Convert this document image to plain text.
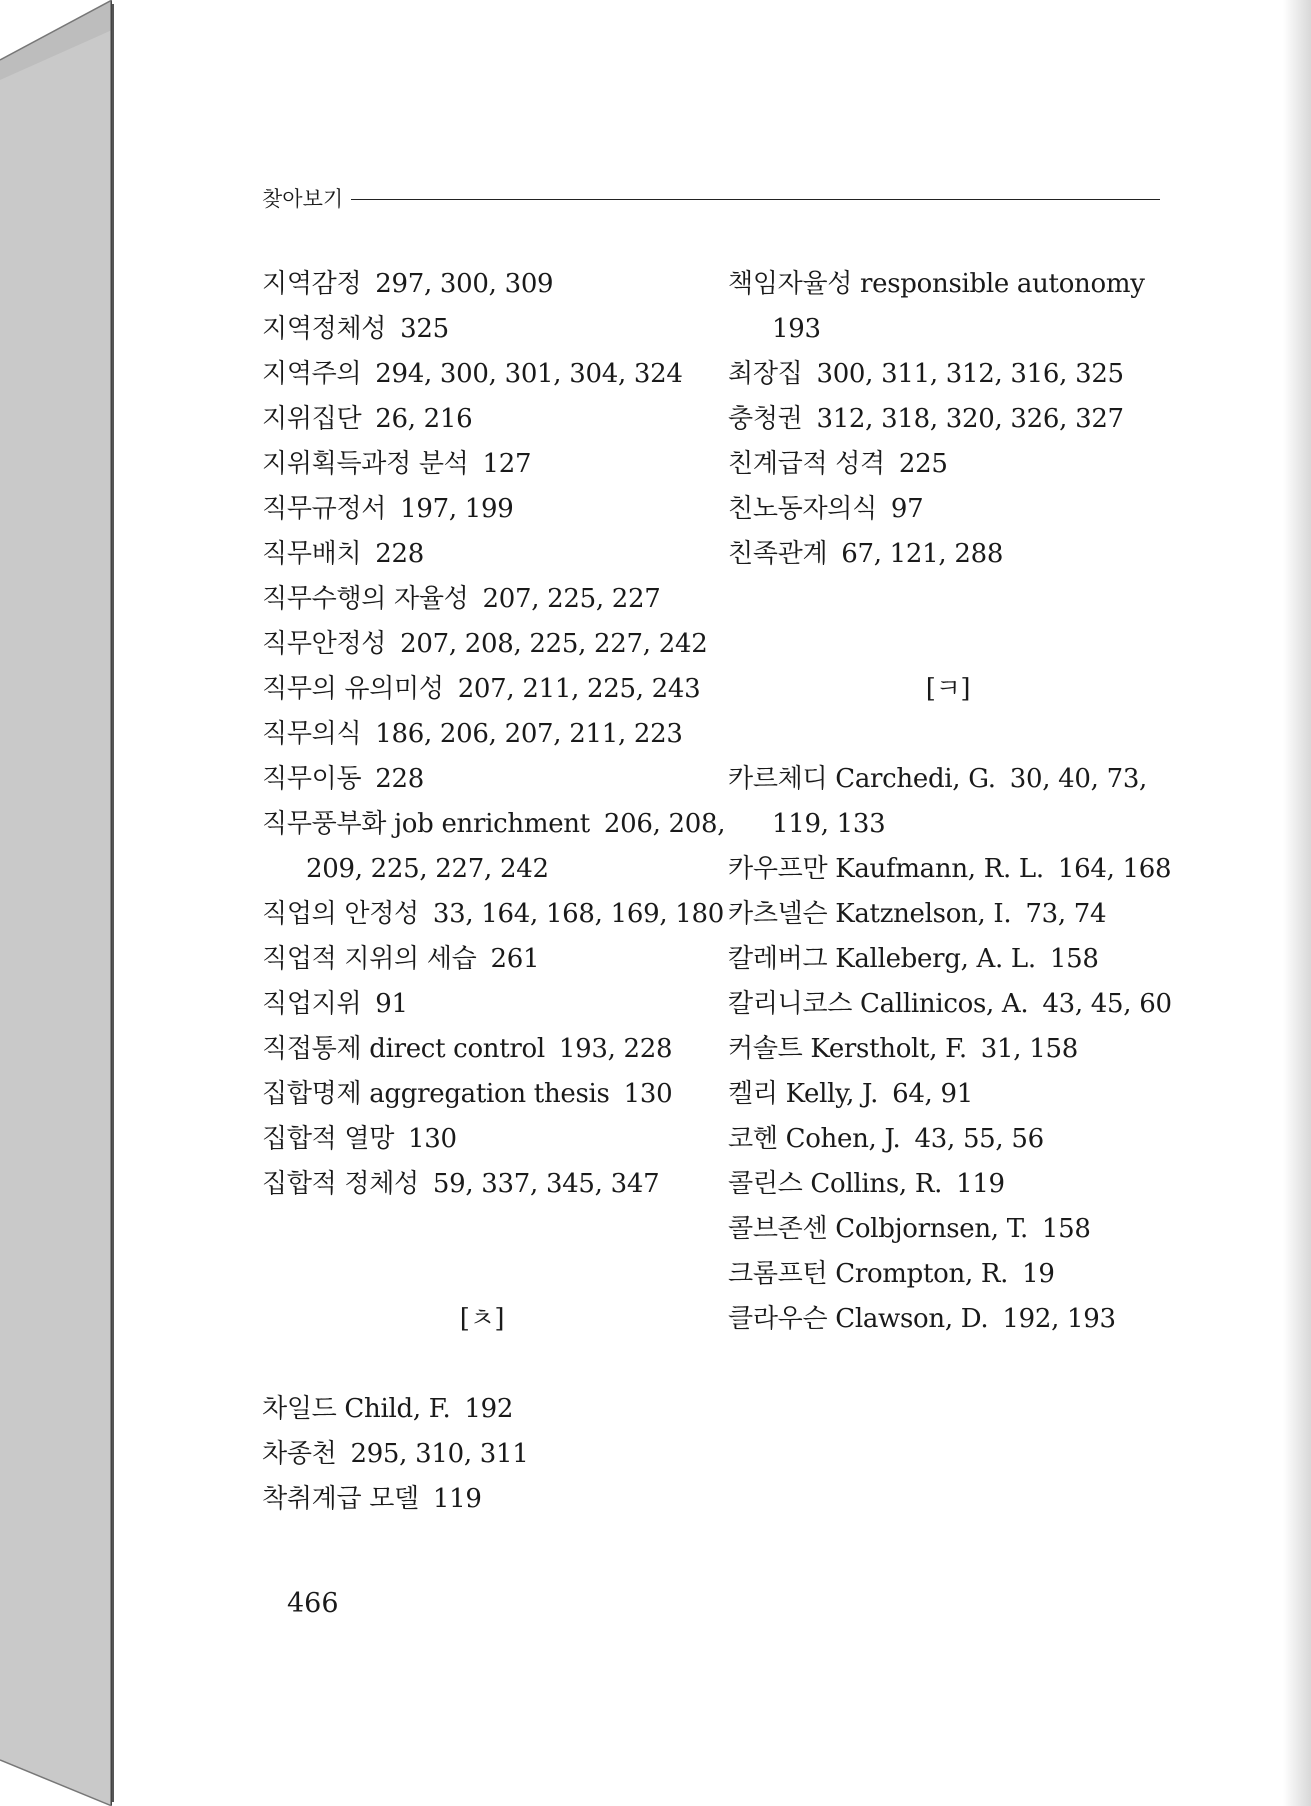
찾아보기
지역감정 297, 300, 309
지역정체성 325
지역주의 294, 300, 301, 304, 324
지위집단 26, 216
지위획득과정 분석 127
직무규정서 197, 199
직무배치 228
직무수행의 자율성 207, 225, 227
직무안정성 207, 208, 225, 227, 242
직무의 유의미성 207, 211, 225, 243
직무의식 186, 206, 207, 211, 223
직무이동 228
직무풍부화 job enrichment 206, 208,
209, 225, 227, 242
직업의 안정성 33, 164, 168, 169, 180
직업적 지위의 세습 261
직업지위 91
직접통제 direct control 193, 228
집합명제 aggregation thesis 130
집합적 열망 130
집합적 정체성 59, 337, 345, 347
[ㅊ]
차일드 Child, F. 192
차종천 295, 310, 311
착취계급 모델 119
책임자율성 responsible autonomy
193
최장집 300, 311, 312, 316, 325
충청권 312, 318, 320, 326, 327
친계급적 성격 225
친노동자의식 97
친족관계 67, 121, 288
[ㅋ]
카르체디 Carchedi, G. 30, 40, 73,
119, 133
카우프만 Kaufmann, R. L. 164, 168
카츠넬슨 Katznelson, I. 73, 74
칼레버그 Kalleberg, A. L. 158
칼리니코스 Callinicos, A. 43, 45, 60
커솔트 Kerstholt, F. 31, 158
켈리 Kelly, J. 64, 91
코헨 Cohen, J. 43, 55, 56
콜린스 Collins, R. 119
콜브존센 Colbjornsen, T. 158
크롬프턴 Crompton, R. 19
클라우슨 Clawson, D. 192, 193
466
